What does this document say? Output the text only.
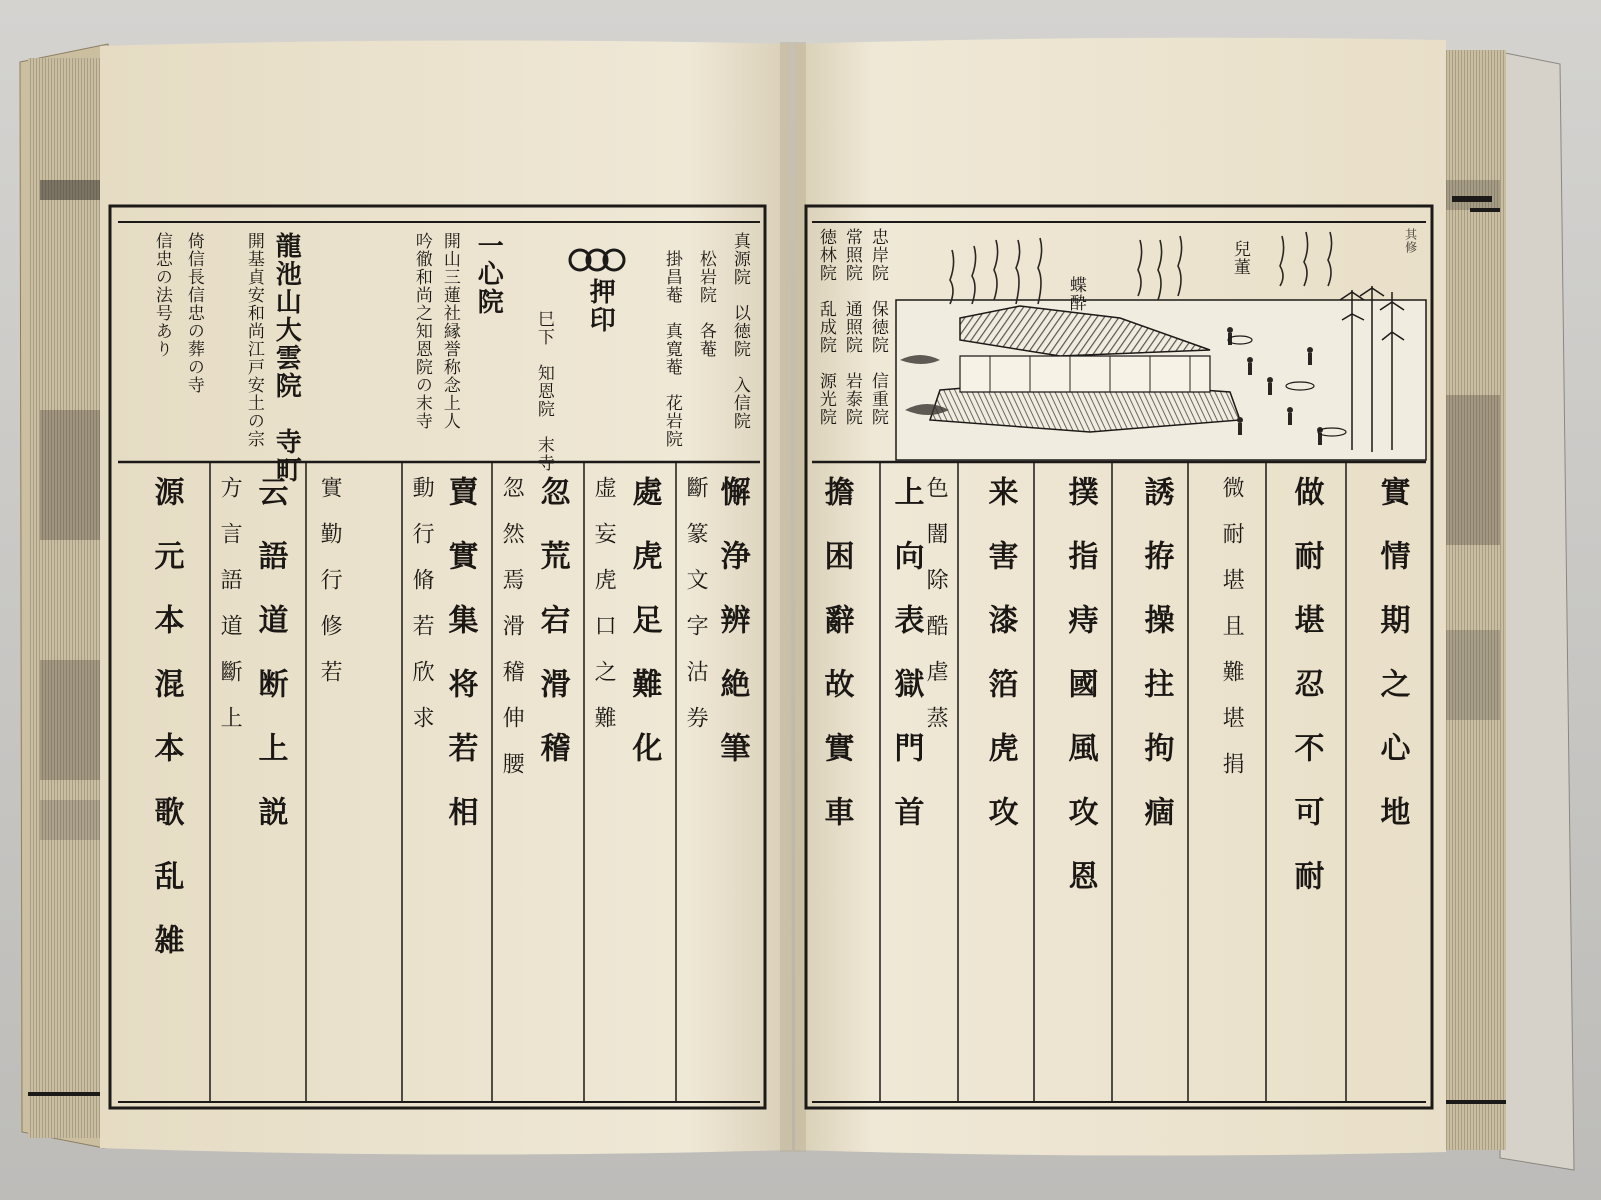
真源院　以徳院　入信院
　松岩院　各菴
　掛昌菴　真寛菴　花岩院
押印
巳下　知恩院　末寺
一心院
開山三蓮社縁誉称念上人
吟徹和尚之知恩院の末寺
龍池山大雲院　寺町
開基貞安和尚江戸安土の宗
倚信長信忠の葬の寺
信忠の法号あり
懈　浄　辨　絶　筆
斷　篆　文　字　沽　券
處　虎　足　難　化
虚　妄　虎　口　之　難
忽　荒　宕　滑　稽
忽　然　焉　滑　稽　伸　腰
賣　實　集　将　若　相
動　行　脩　若　欣　求
實　勤　行　修　若
云　語　道　断　上　説
方　言　語　道　斷　上
源　元　本　混　本　歌　乱　雑
其修
兒董
蝶酔
忠岸院　保徳院　信重院
常照院　通照院　岩泰院
徳林院　乱成院　源光院
實　情　期　之　心　地
做　耐　堪　忍　不　可　耐
微　耐　堪　且　難　堪　捐
誘　拵　操　拄　拘　痼
撲　指　痔　國　風　攻　恩
来　害　漆　箔　虎　攻
色　闇　除　酷　虐　蒸
上　向　表　獄　門　首
擔　困　辭　故　實　車
